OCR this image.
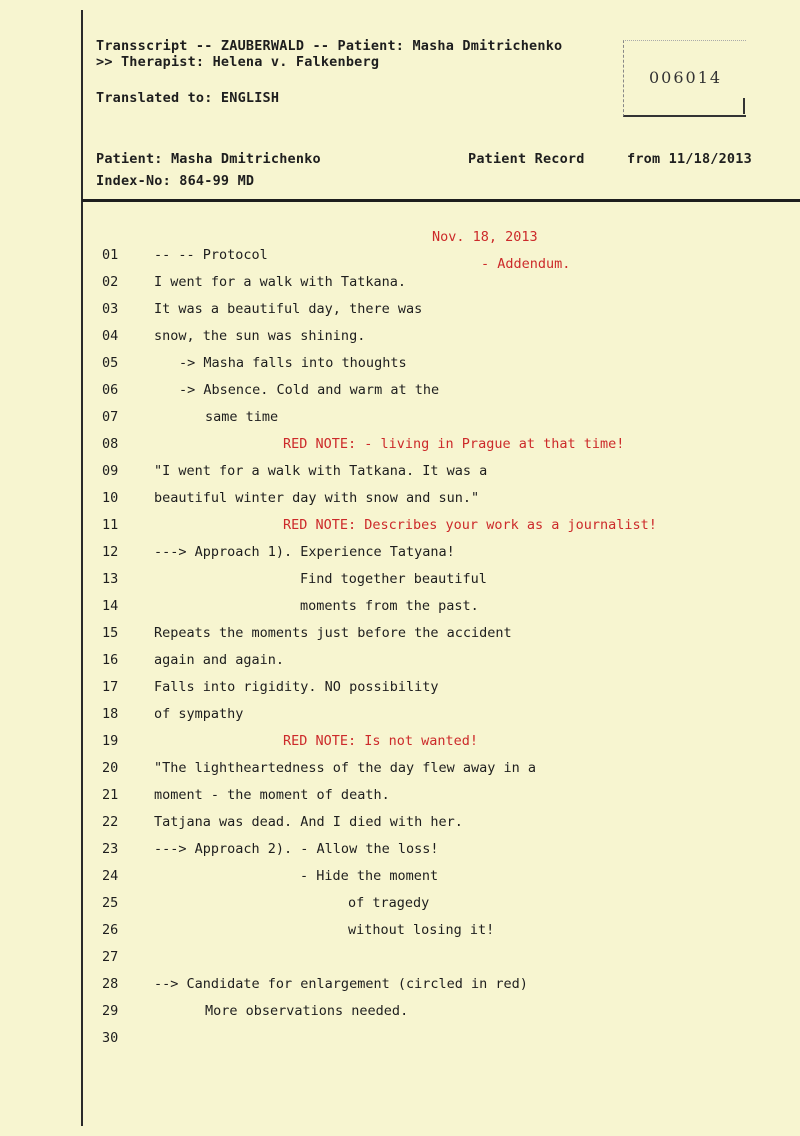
Transscript -- ZAUBERWALD -- Patient: Masha Dmitrichenko
>> Therapist: Helena v. Falkenberg
Translated to: ENGLISH
006014
Patient: Masha Dmitrichenko
Index-No: 864-99 MD
Patient Record	from 11/18/2013
Nov. 18, 2013
- Addendum.
01	-- -- Protocol
02	I went for a walk with Tatkana.
03	It was a beautiful day, there was
04	snow, the sun was shining.
05	-> Masha falls into thoughts
06	-> Absence. Cold and warm at the
07	same time
08	RED NOTE: - living in Prague at that time!
09	"I went for a walk with Tatkana. It was a
10	beautiful winter day with snow and sun."
11	RED NOTE: Describes your work as a journalist!
12	---> Approach 1). Experience Tatyana!
13	Find together beautiful
14	moments from the past.
15	Repeats the moments just before the accident
16	again and again.
17	Falls into rigidity. NO possibility
18	of sympathy
19	RED NOTE: Is not wanted!
20	"The lightheartedness of the day flew away in a
21	moment - the moment of death.
22	Tatjana was dead. And I died with her.
23	---> Approach 2). - Allow the loss!
24	- Hide the moment
25	of tragedy
26	without losing it!
27
28	--> Candidate for enlargement (circled in red)
29	More observations needed.
30
